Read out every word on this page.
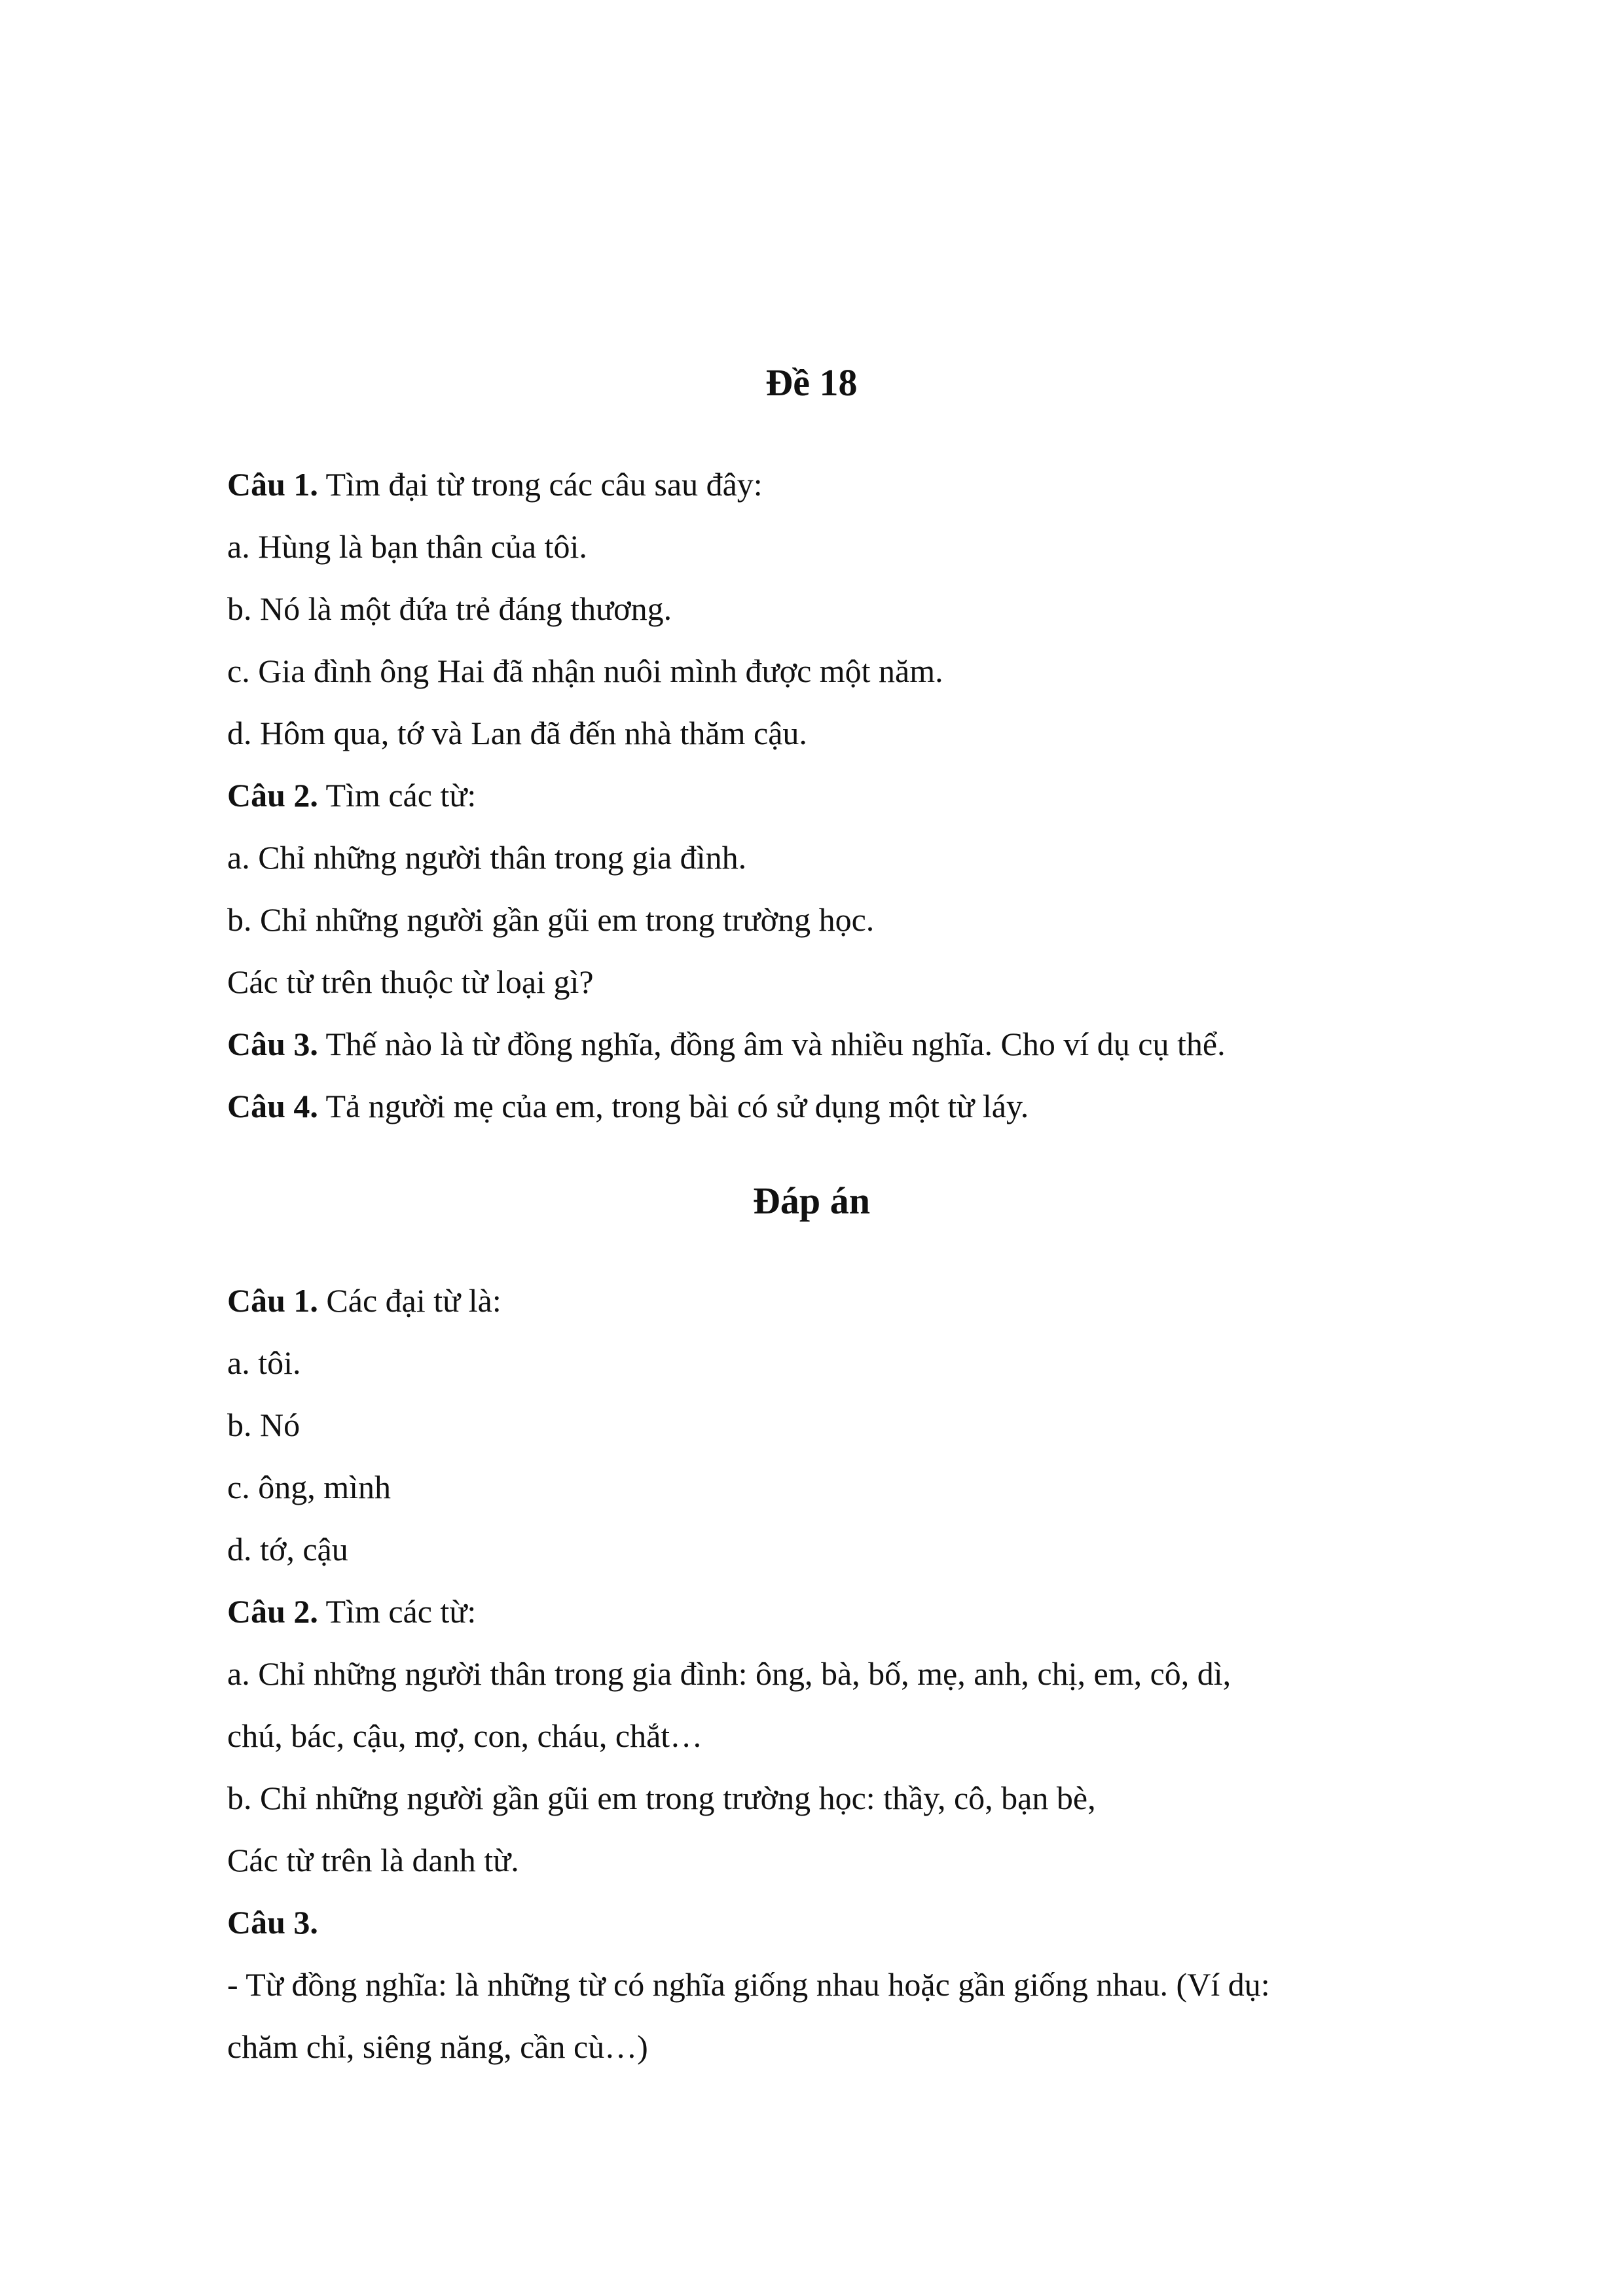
Đề 18
Câu 1. Tìm đại từ trong các câu sau đây:
a. Hùng là bạn thân của tôi.
b. Nó là một đứa trẻ đáng thương.
c. Gia đình ông Hai đã nhận nuôi mình được một năm.
d. Hôm qua, tớ và Lan đã đến nhà thăm cậu.
Câu 2. Tìm các từ:
a. Chỉ những người thân trong gia đình.
b. Chỉ những người gần gũi em trong trường học.
Các từ trên thuộc từ loại gì?
Câu 3. Thế nào là từ đồng nghĩa, đồng âm và nhiều nghĩa. Cho ví dụ cụ thể.
Câu 4. Tả người mẹ của em, trong bài có sử dụng một từ láy.
Đáp án
Câu 1. Các đại từ là:
a. tôi.
b. Nó
c. ông, mình
d. tớ, cậu
Câu 2. Tìm các từ:
a. Chỉ những người thân trong gia đình: ông, bà, bố, mẹ, anh, chị, em, cô, dì,
chú, bác, cậu, mợ, con, cháu, chắt…
b. Chỉ những người gần gũi em trong trường học: thầy, cô, bạn bè,
Các từ trên là danh từ.
Câu 3.
- Từ đồng nghĩa: là những từ có nghĩa giống nhau hoặc gần giống nhau. (Ví dụ:
chăm chỉ, siêng năng, cần cù…)
